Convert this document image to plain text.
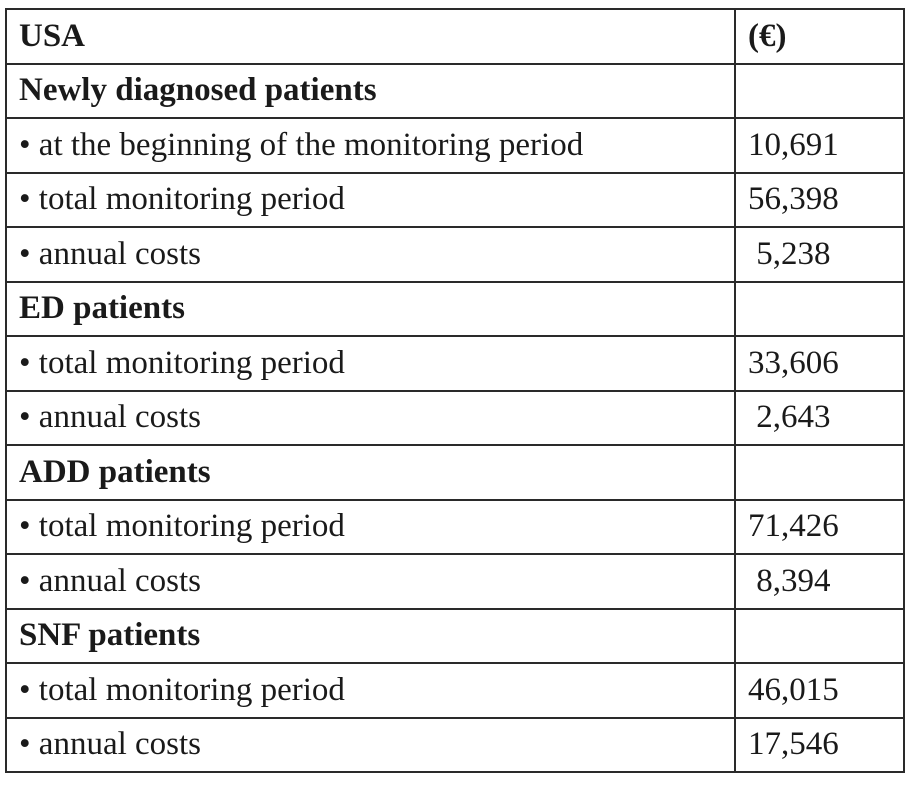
USA	(€)
Newly diagnosed patients	
• at the beginning of the monitoring period	10,691
• total monitoring period	56,398
• annual costs	5,238
ED patients	
• total monitoring period	33,606
• annual costs	2,643
ADD patients	
• total monitoring period	71,426
• annual costs	8,394
SNF patients	
• total monitoring period	46,015
• annual costs	17,546
